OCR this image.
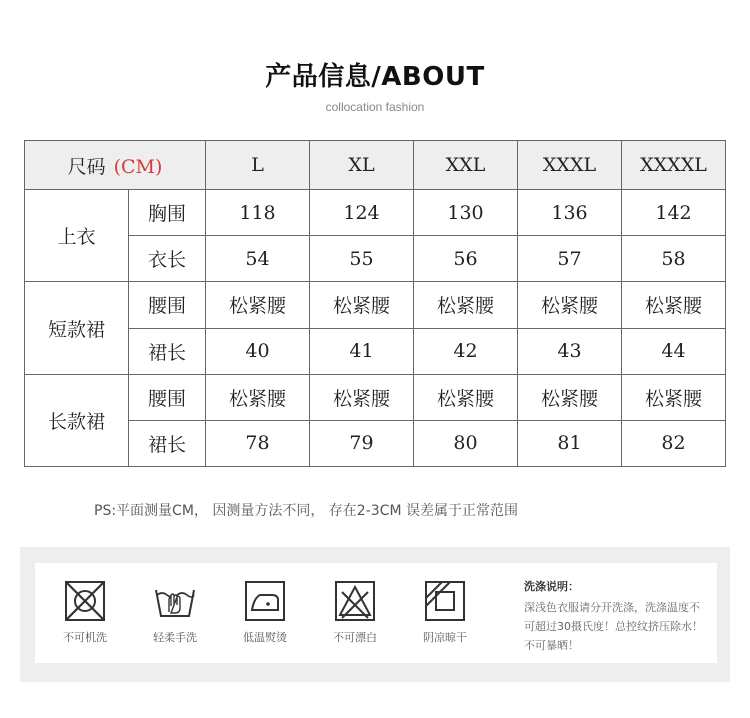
产品信息/ABOUT
collocation fashion
尺码 (CM)		L	XL	XXL	XXXL	XXXXL
上衣	胸围	118	124	130	136	142
	衣长	54	55	56	57	58
短款裙	腰围	松紧腰	松紧腰	松紧腰	松紧腰	松紧腰
	裙长	40	41	42	43	44
长款裙	腰围	松紧腰	松紧腰	松紧腰	松紧腰	松紧腰
	裙长	78	79	80	81	82
PS:平面测量CM， 因测量方法不同， 存在2-3CM 误差属于正常范围
不可机洗	轻柔手洗	低温熨烫	不可漂白	阴凉晾干
洗涤说明：
深浅色衣服请分开洗涤，洗涤温度不可超过30摄氏度！总控纹挤压除水！不可暴晒！
